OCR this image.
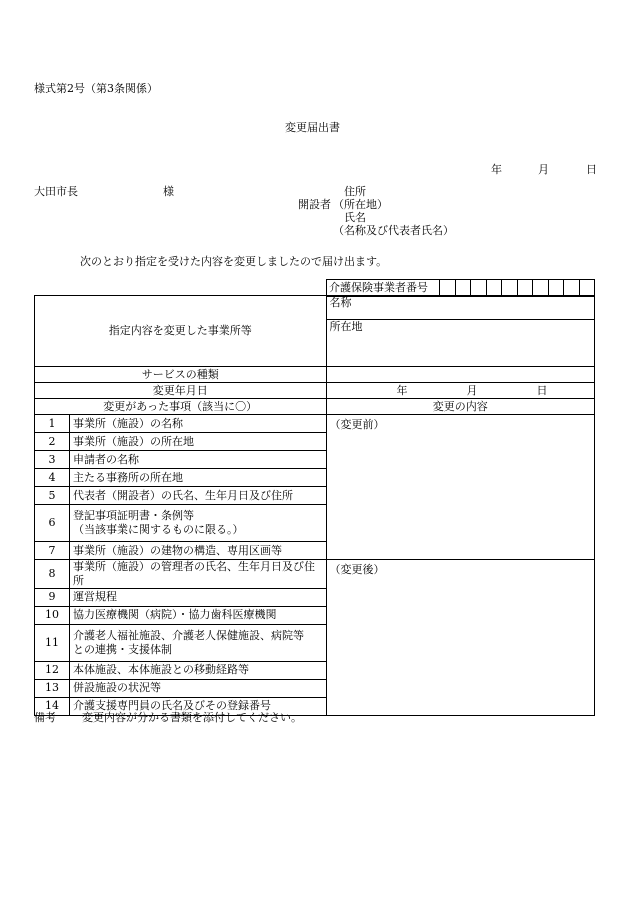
様式第2号（第3条関係）
変更届出書
年	月	日
大田市長	様
開設者
住所
（所在地）
氏名
（名称及び代表者氏名）
次のとおり指定を受けた内容を変更しましたので届け出ます。
介護保険事業者番号										
指定内容を変更した事業所等		名称
		所在地
サービスの種類		
変更年月日		年 月 日

変更があった事項（該当に〇）		変更の内容
1	事業所（施設）の名称	（変更前）
2	事業所（施設）の所在地	
3	申請者の名称	
4	主たる事務所の所在地	
5	代表者（開設者）の氏名、生年月日及び住所	
6	登記事項証明書・条例等
（当該事業に関するものに限る。）	

7	事業所（施設）の建物の構造、専用区画等	
8	事業所（施設）の管理者の氏名、生年月日及び住所	（変更後）
9	運営規程	
10	協力医療機関（病院）・協力歯科医療機関	
11	介護老人福祉施設、介護老人保健施設、病院等
との連携・支援体制	

12	本体施設、本体施設との移動経路等	
13	併設施設の状況等	
14	介護支援専門員の氏名及びその登録番号	
備考 変更内容が分かる書類を添付してください。
